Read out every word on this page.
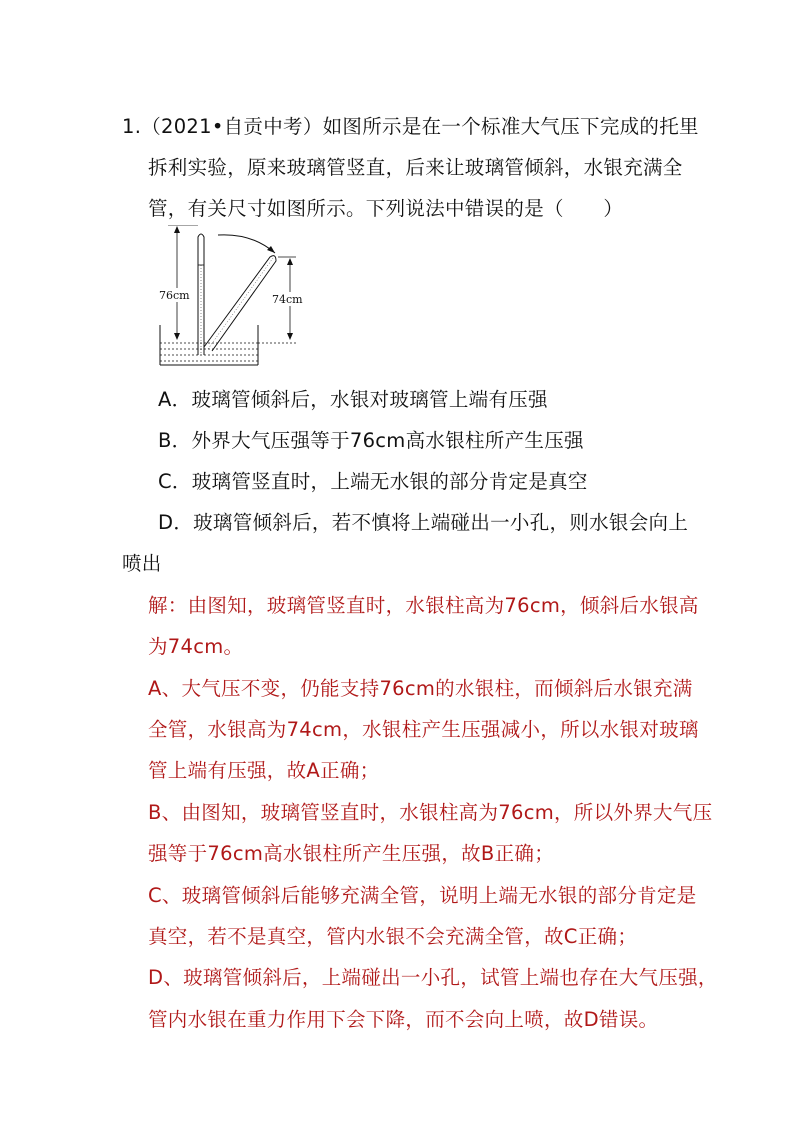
1.（2021•自贡中考）如图所示是在一个标准大气压下完成的托里
拆利实验，原来玻璃管竖直，后来让玻璃管倾斜，水银充满全
管，有关尺寸如图所示。下列说法中错误的是（　　）
76cm	74cm
A．玻璃管倾斜后，水银对玻璃管上端有压强
B．外界大气压强等于76cm高水银柱所产生压强
C．玻璃管竖直时，上端无水银的部分肯定是真空
D．玻璃管倾斜后，若不慎将上端碰出一小孔，则水银会向上
喷出
解：由图知，玻璃管竖直时，水银柱高为76cm，倾斜后水银高
为74cm。
A、大气压不变，仍能支持76cm的水银柱，而倾斜后水银充满
全管，水银高为74cm，水银柱产生压强减小，所以水银对玻璃
管上端有压强，故A正确；
B、由图知，玻璃管竖直时，水银柱高为76cm，所以外界大气压
强等于76cm高水银柱所产生压强，故B正确；
C、玻璃管倾斜后能够充满全管，说明上端无水银的部分肯定是
真空，若不是真空，管内水银不会充满全管，故C正确；
D、玻璃管倾斜后，上端碰出一小孔，试管上端也存在大气压强，
管内水银在重力作用下会下降，而不会向上喷，故D错误。
